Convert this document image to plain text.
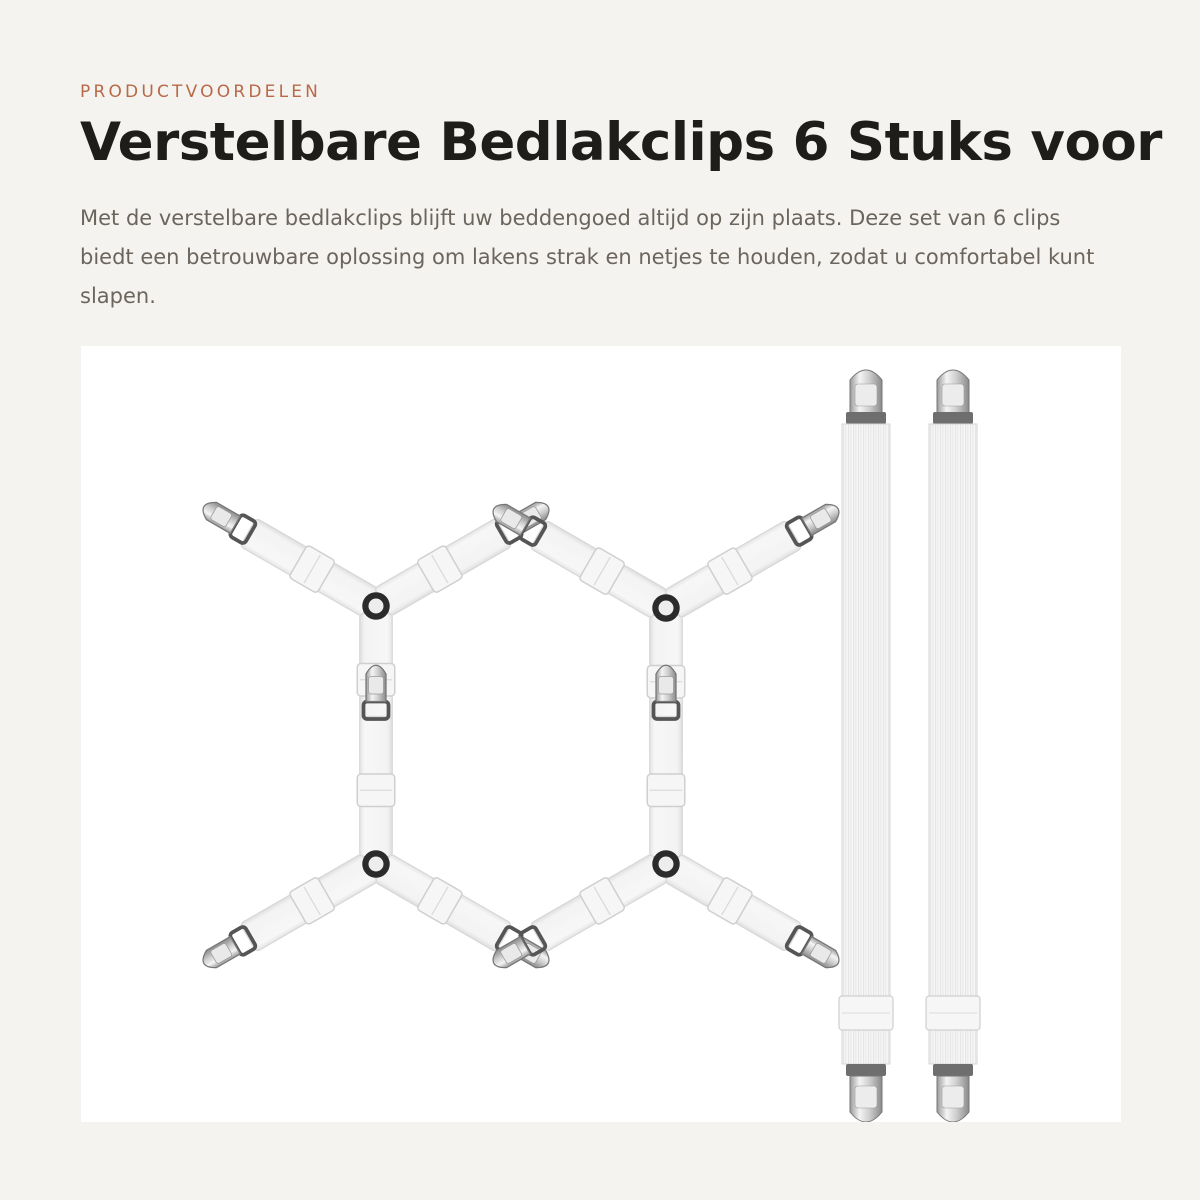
PRODUCTVOORDELEN
Verstelbare Bedlakclips 6 Stuks voor

Met de verstelbare bedlakclips blijft uw beddengoed altijd op zijn plaats. Deze set van 6 clips biedt een betrouwbare oplossing om lakens strak en netjes te houden, zodat u comfortabel kunt slapen.
